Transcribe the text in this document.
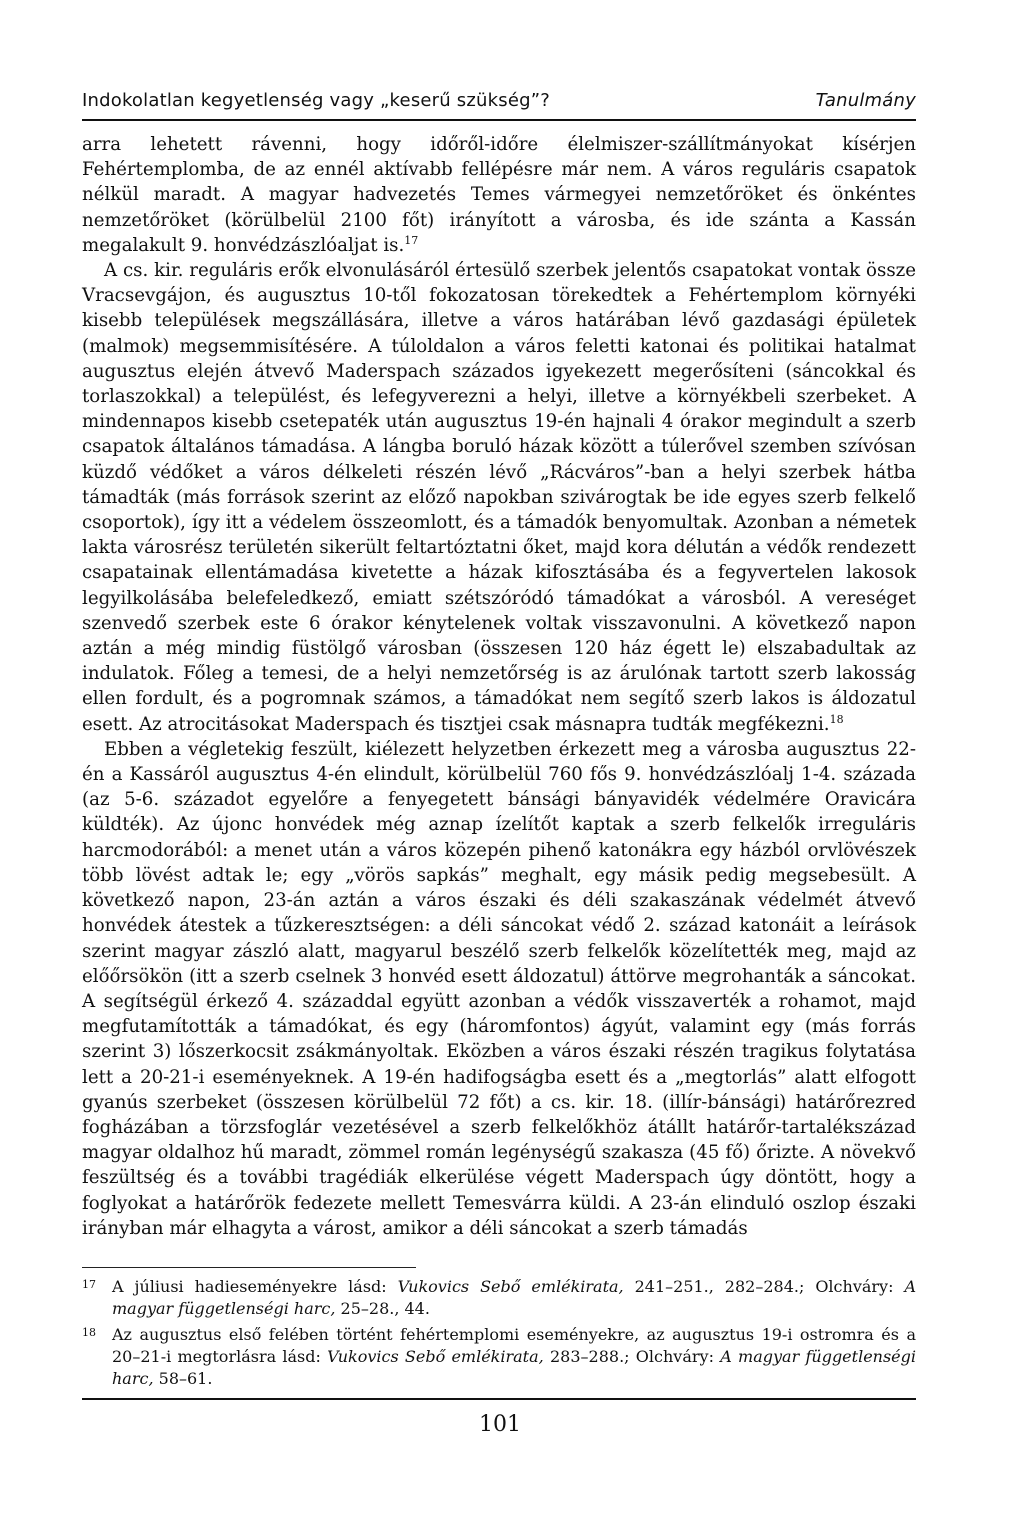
Indokolatlan kegyetlenség vagy „keserű szükség”?	Tanulmány

arra lehetett rávenni, hogy időről-időre élelmiszer-szállítmányokat kísérjen Fehértemplomba, de az ennél aktívabb fellépésre már nem. A város reguláris csapatok nélkül maradt. A magyar hadvezetés Temes vármegyei nemzetőröket és önkéntes nemzetőröket (körülbelül 2100 főt) irányított a városba, és ide szánta a Kassán megalakult 9. honvédzászlóaljat is.$^{17}$

A cs. kir. reguláris erők elvonulásáról értesülő szerbek jelentős csapatokat vontak össze Vracsevgájon, és augusztus 10-től fokozatosan törekedtek a Fehértemplom környéki kisebb települések megszállására, illetve a város határában lévő gazdasági épületek (malmok) megsemmisítésére. A túloldalon a város feletti katonai és politikai hatalmat augusztus elején átvevő Maderspach százados igyekezett megerősíteni (sáncokkal és torlaszokkal) a települést, és lefegyverezni a helyi, illetve a környékbeli szerbeket. A mindennapos kisebb csetepaték után augusztus 19-én hajnali 4 órakor megindult a szerb csapatok általános támadása. A lángba boruló házak között a túlerővel szemben szívósan küzdő védőket a város délkeleti részén lévő „Rácváros”-ban a helyi szerbek hátba támadták (más források szerint az előző napokban szivárogtak be ide egyes szerb felkelő csoportok), így itt a védelem összeomlott, és a támadók benyomultak. Azonban a németek lakta városrész területén sikerült feltartóztatni őket, majd kora délután a védők rendezett csapatainak ellentámadása kivetette a házak kifosztásába és a fegyvertelen lakosok legyilkolásába belefeledkező, emiatt szétszóródó támadókat a városból. A vereséget szenvedő szerbek este 6 órakor kénytelenek voltak visszavonulni. A következő napon aztán a még mindig füstölgő városban (összesen 120 ház égett le) elszabadultak az indulatok. Főleg a temesi, de a helyi nemzetőrség is az árulónak tartott szerb lakosság ellen fordult, és a pogromnak számos, a támadókat nem segítő szerb lakos is áldozatul esett. Az atrocitásokat Maderspach és tisztjei csak másnapra tudták megfékezni.$^{18}$

Ebben a végletekig feszült, kiélezett helyzetben érkezett meg a városba augusztus 22-én a Kassáról augusztus 4-én elindult, körülbelül 760 fős 9. honvédzászlóalj 1-4. százada (az 5-6. századot egyelőre a fenyegetett bánsági bányavidék védelmére Oravicára küldték). Az újonc honvédek még aznap ízelítőt kaptak a szerb felkelők irreguláris harcmodorából: a menet után a város közepén pihenő katonákra egy házból orvlövészek több lövést adtak le; egy „vörös sapkás” meghalt, egy másik pedig megsebesült. A következő napon, 23-án aztán a város északi és déli szakaszának védelmét átvevő honvédek átestek a tűzkeresztségen: a déli sáncokat védő 2. század katonáit a leírások szerint magyar zászló alatt, magyarul beszélő szerb felkelők közelítették meg, majd az előőrsökön (itt a szerb cselnek 3 honvéd esett áldozatul) áttörve megrohanták a sáncokat. A segítségül érkező 4. századdal együtt azonban a védők visszaverték a rohamot, majd megfutamították a támadókat, és egy (háromfontos) ágyút, valamint egy (más forrás szerint 3) lőszerkocsit zsákmányoltak. Eközben a város északi részén tragikus folytatása lett a 20-21-i eseményeknek. A 19-én hadifogságba esett és a „megtorlás” alatt elfogott gyanús szerbeket (összesen körülbelül 72 főt) a cs. kir. 18. (illír-bánsági) határőrezred fogházában a törzsfoglár vezetésével a szerb felkelőkhöz átállt határőr-tartalékszázad magyar oldalhoz hű maradt, zömmel román legénységű szakasza (45 fő) őrizte. A növekvő feszültség és a további tragédiák elkerülése végett Maderspach úgy döntött, hogy a foglyokat a határőrök fedezete mellett Temesvárra küldi. A 23-án elinduló oszlop északi irányban már elhagyta a várost, amikor a déli sáncokat a szerb támadás

17	A júliusi hadieseményekre lásd: Vukovics Sebő emlékirata, 241–251., 282–284.; Olchváry: A magyar függetlenségi harc, 25–28., 44.
18	Az augusztus első felében történt fehértemplomi eseményekre, az augusztus 19-i ostromra és a 20–21-i megtorlásra lásd: Vukovics Sebő emlékirata, 283–288.; Olchváry: A magyar függetlenségi harc, 58–61.
101
